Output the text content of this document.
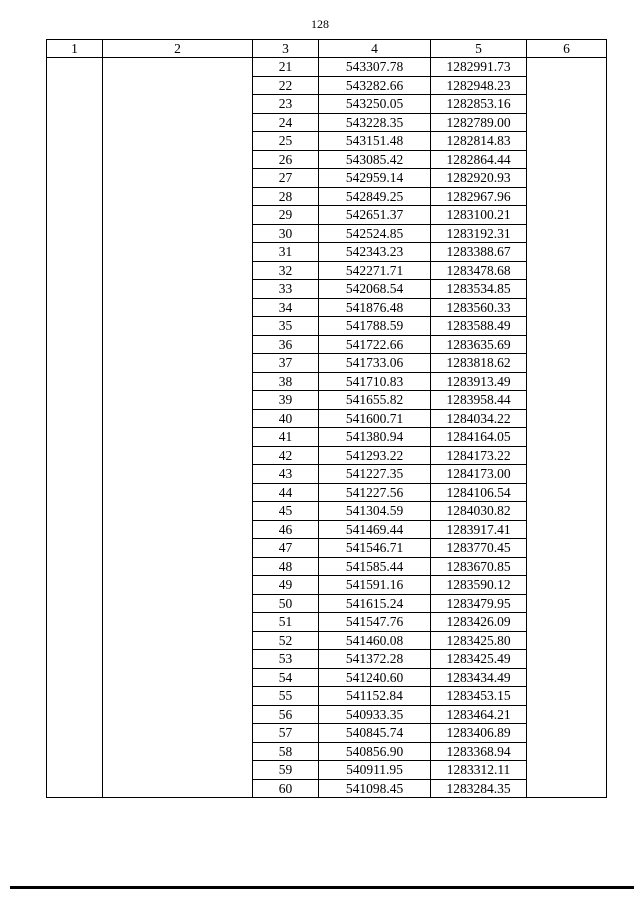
128
1	2	3	4	5	6
		21	543307.78	1282991.73	
		22	543282.66	1282948.23	
		23	543250.05	1282853.16	
		24	543228.35	1282789.00	
		25	543151.48	1282814.83	
		26	543085.42	1282864.44	
		27	542959.14	1282920.93	
		28	542849.25	1282967.96	
		29	542651.37	1283100.21	
		30	542524.85	1283192.31	
		31	542343.23	1283388.67	
		32	542271.71	1283478.68	
		33	542068.54	1283534.85	
		34	541876.48	1283560.33	
		35	541788.59	1283588.49	
		36	541722.66	1283635.69	
		37	541733.06	1283818.62	
		38	541710.83	1283913.49	
		39	541655.82	1283958.44	
		40	541600.71	1284034.22	
		41	541380.94	1284164.05	
		42	541293.22	1284173.22	
		43	541227.35	1284173.00	
		44	541227.56	1284106.54	
		45	541304.59	1284030.82	
		46	541469.44	1283917.41	
		47	541546.71	1283770.45	
		48	541585.44	1283670.85	
		49	541591.16	1283590.12	
		50	541615.24	1283479.95	
		51	541547.76	1283426.09	
		52	541460.08	1283425.80	
		53	541372.28	1283425.49	
		54	541240.60	1283434.49	
		55	541152.84	1283453.15	
		56	540933.35	1283464.21	
		57	540845.74	1283406.89	
		58	540856.90	1283368.94	
		59	540911.95	1283312.11	
		60	541098.45	1283284.35	
